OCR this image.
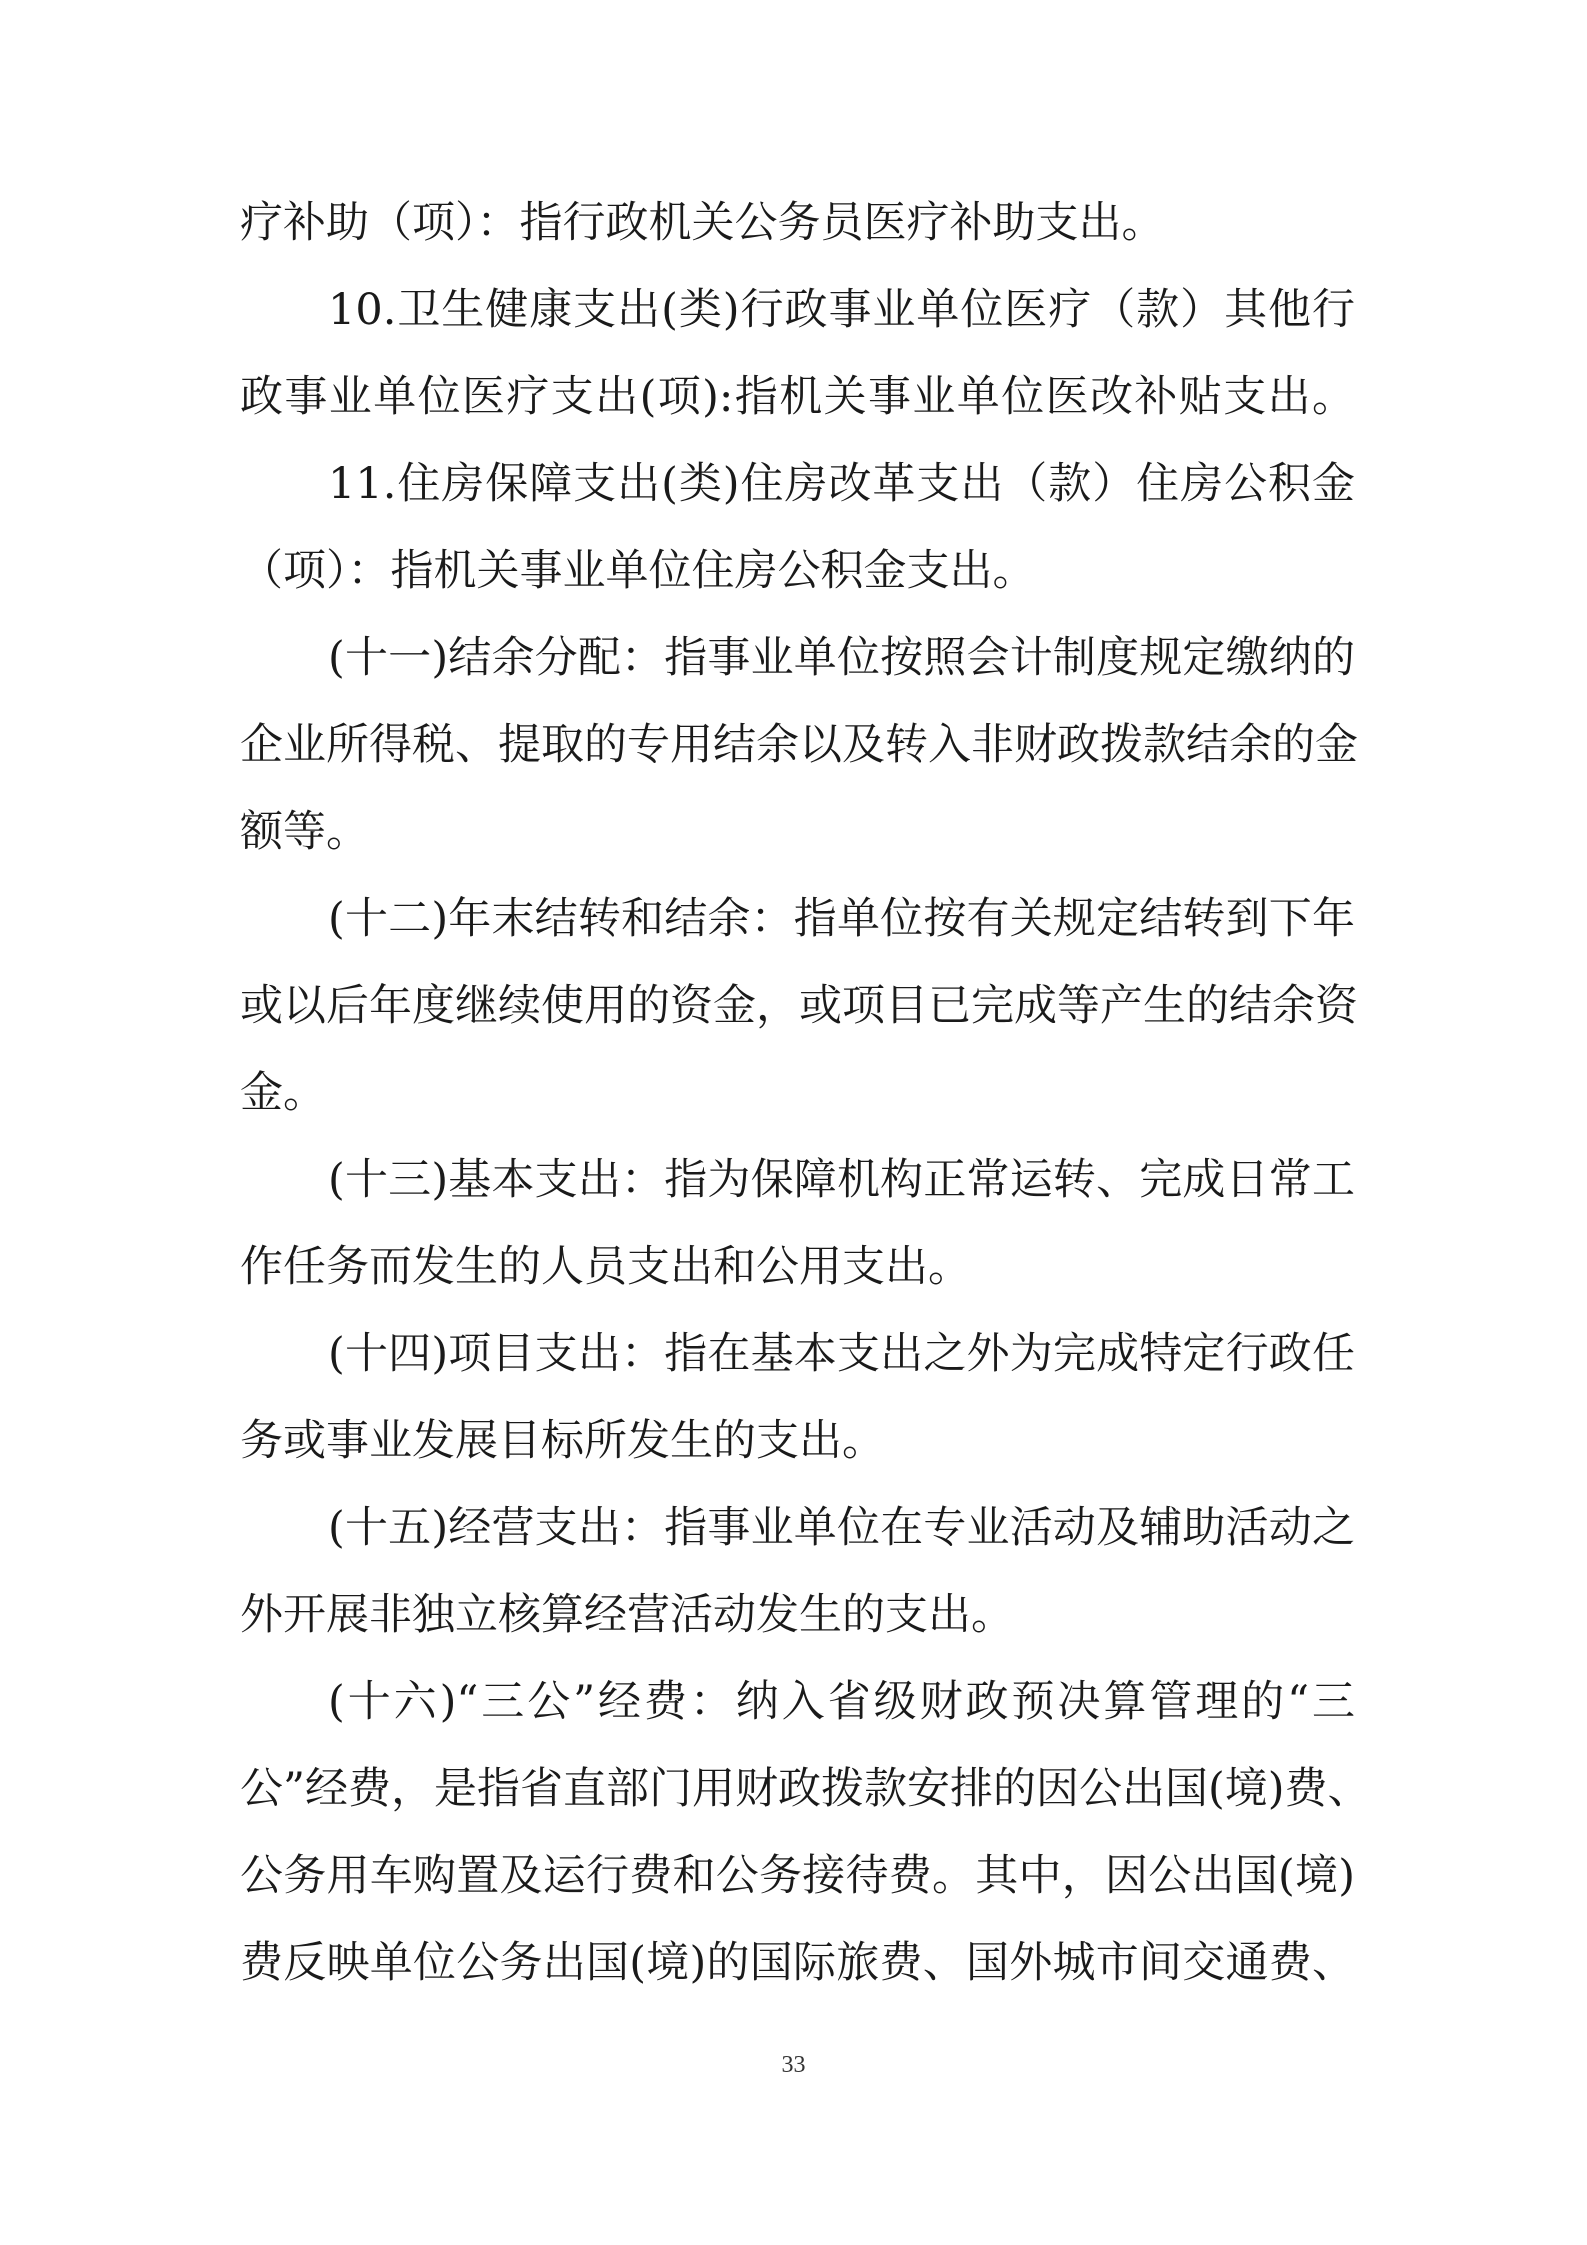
疗补助（项）：指行政机关公务员医疗补助支出。
10.卫生健康支出(类)行政事业单位医疗（款）其他行
政事业单位医疗支出(项):指机关事业单位医改补贴支出。
11.住房保障支出(类)住房改革支出（款）住房公积金
（项）：指机关事业单位住房公积金支出。
(十一)结余分配：指事业单位按照会计制度规定缴纳的
企业所得税、提取的专用结余以及转入非财政拨款结余的金
额等。
(十二)年末结转和结余：指单位按有关规定结转到下年
或以后年度继续使用的资金，或项目已完成等产生的结余资
金。
(十三)基本支出：指为保障机构正常运转、完成日常工
作任务而发生的人员支出和公用支出。
(十四)项目支出：指在基本支出之外为完成特定行政任
务或事业发展目标所发生的支出。
(十五)经营支出：指事业单位在专业活动及辅助活动之
外开展非独立核算经营活动发生的支出。
(十六)“三公”经费：纳入省级财政预决算管理的“三
公”经费，是指省直部门用财政拨款安排的因公出国(境)费、
公务用车购置及运行费和公务接待费。其中，因公出国(境)
费反映单位公务出国(境)的国际旅费、国外城市间交通费、
33
